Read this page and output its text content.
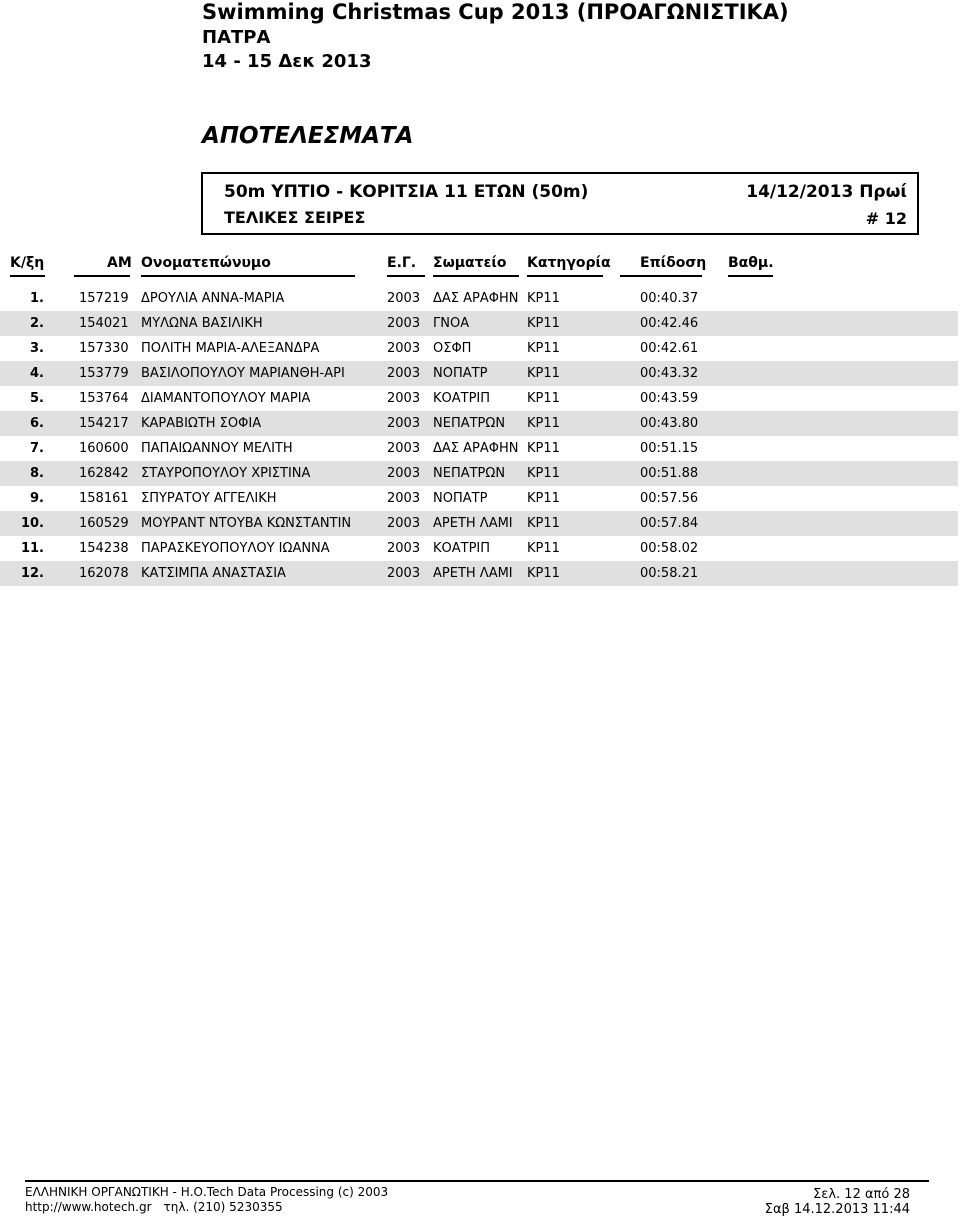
Swimming Christmas Cup 2013 (ΠΡΟΑΓΩΝΙΣΤΙΚΑ)
ΠΑΤΡΑ
14 - 15 Δεκ 2013
ΑΠΟΤΕΛΕΣΜΑΤΑ
50m ΥΠΤΙΟ - ΚΟΡΙΤΣΙΑ 11 ΕΤΩΝ (50m)	14/12/2013 Πρωί
ΤΕΛΙΚΕΣ ΣΕΙΡΕΣ	# 12
Κ/ξη	ΑΜ Ονοματεπώνυμο	Ε.Γ. Σωματείο Κατηγορία Επίδοση Βαθμ.
1.	157219 ΔΡΟΥΛΙΑ ΑΝΝΑ-ΜΑΡΙΑ	2003 ΔΑΣ ΑΡΑΦΗΝ ΚΡ11	00:40.37
2.	154021 ΜΥΛΩΝΑ ΒΑΣΙΛΙΚΗ	2003 ΓΝΟΑ	ΚΡ11	00:42.46
3.	157330 ΠΟΛΙΤΗ ΜΑΡΙΑ-ΑΛΕΞΑΝΔΡΑ	2003 ΟΣΦΠ	ΚΡ11	00:42.61
4.	153779 ΒΑΣΙΛΟΠΟΥΛΟΥ ΜΑΡΙΑΝΘΗ-ΑΡΙ	2003 ΝΟΠΑΤΡ	ΚΡ11	00:43.32
5.	153764 ΔΙΑΜΑΝΤΟΠΟΥΛΟΥ ΜΑΡΙΑ	2003 ΚΟΑΤΡΙΠ	ΚΡ11	00:43.59
6.	154217 ΚΑΡΑΒΙΩΤΗ ΣΟΦΙΑ	2003 ΝΕΠΑΤΡΩΝ ΚΡ11	00:43.80
7.	160600 ΠΑΠΑΙΩΑΝΝΟΥ ΜΕΛΙΤΗ	2003 ΔΑΣ ΑΡΑΦΗΝ ΚΡ11	00:51.15
8.	162842 ΣΤΑΥΡΟΠΟΥΛΟΥ ΧΡΙΣΤΙΝΑ	2003 ΝΕΠΑΤΡΩΝ ΚΡ11	00:51.88
9.	158161 ΣΠΥΡΑΤΟΥ ΑΓΓΕΛΙΚΗ	2003 ΝΟΠΑΤΡ	ΚΡ11	00:57.56
10.	160529 ΜΟΥΡΑΝΤ ΝΤΟΥΒΑ ΚΩΝΣΤΑΝΤΙΝ	2003 ΑΡΕΤΗ ΛΑΜΙ ΚΡ11	00:57.84
11.	154238 ΠΑΡΑΣΚΕΥΟΠΟΥΛΟΥ ΙΩΑΝΝΑ	2003 ΚΟΑΤΡΙΠ	ΚΡ11	00:58.02
12.	162078 ΚΑΤΣΙΜΠΑ ΑΝΑΣΤΑΣΙΑ	2003 ΑΡΕΤΗ ΛΑΜΙ ΚΡ11	00:58.21
ΕΛΛΗΝΙΚΗ ΟΡΓΑΝΩΤΙΚΗ - Η.Ο.Tech Data Processing (c) 2003
http://www.hotech.gr τηλ. (210) 5230355
Σελ. 12 από 28
Σαβ 14.12.2013 11:44
